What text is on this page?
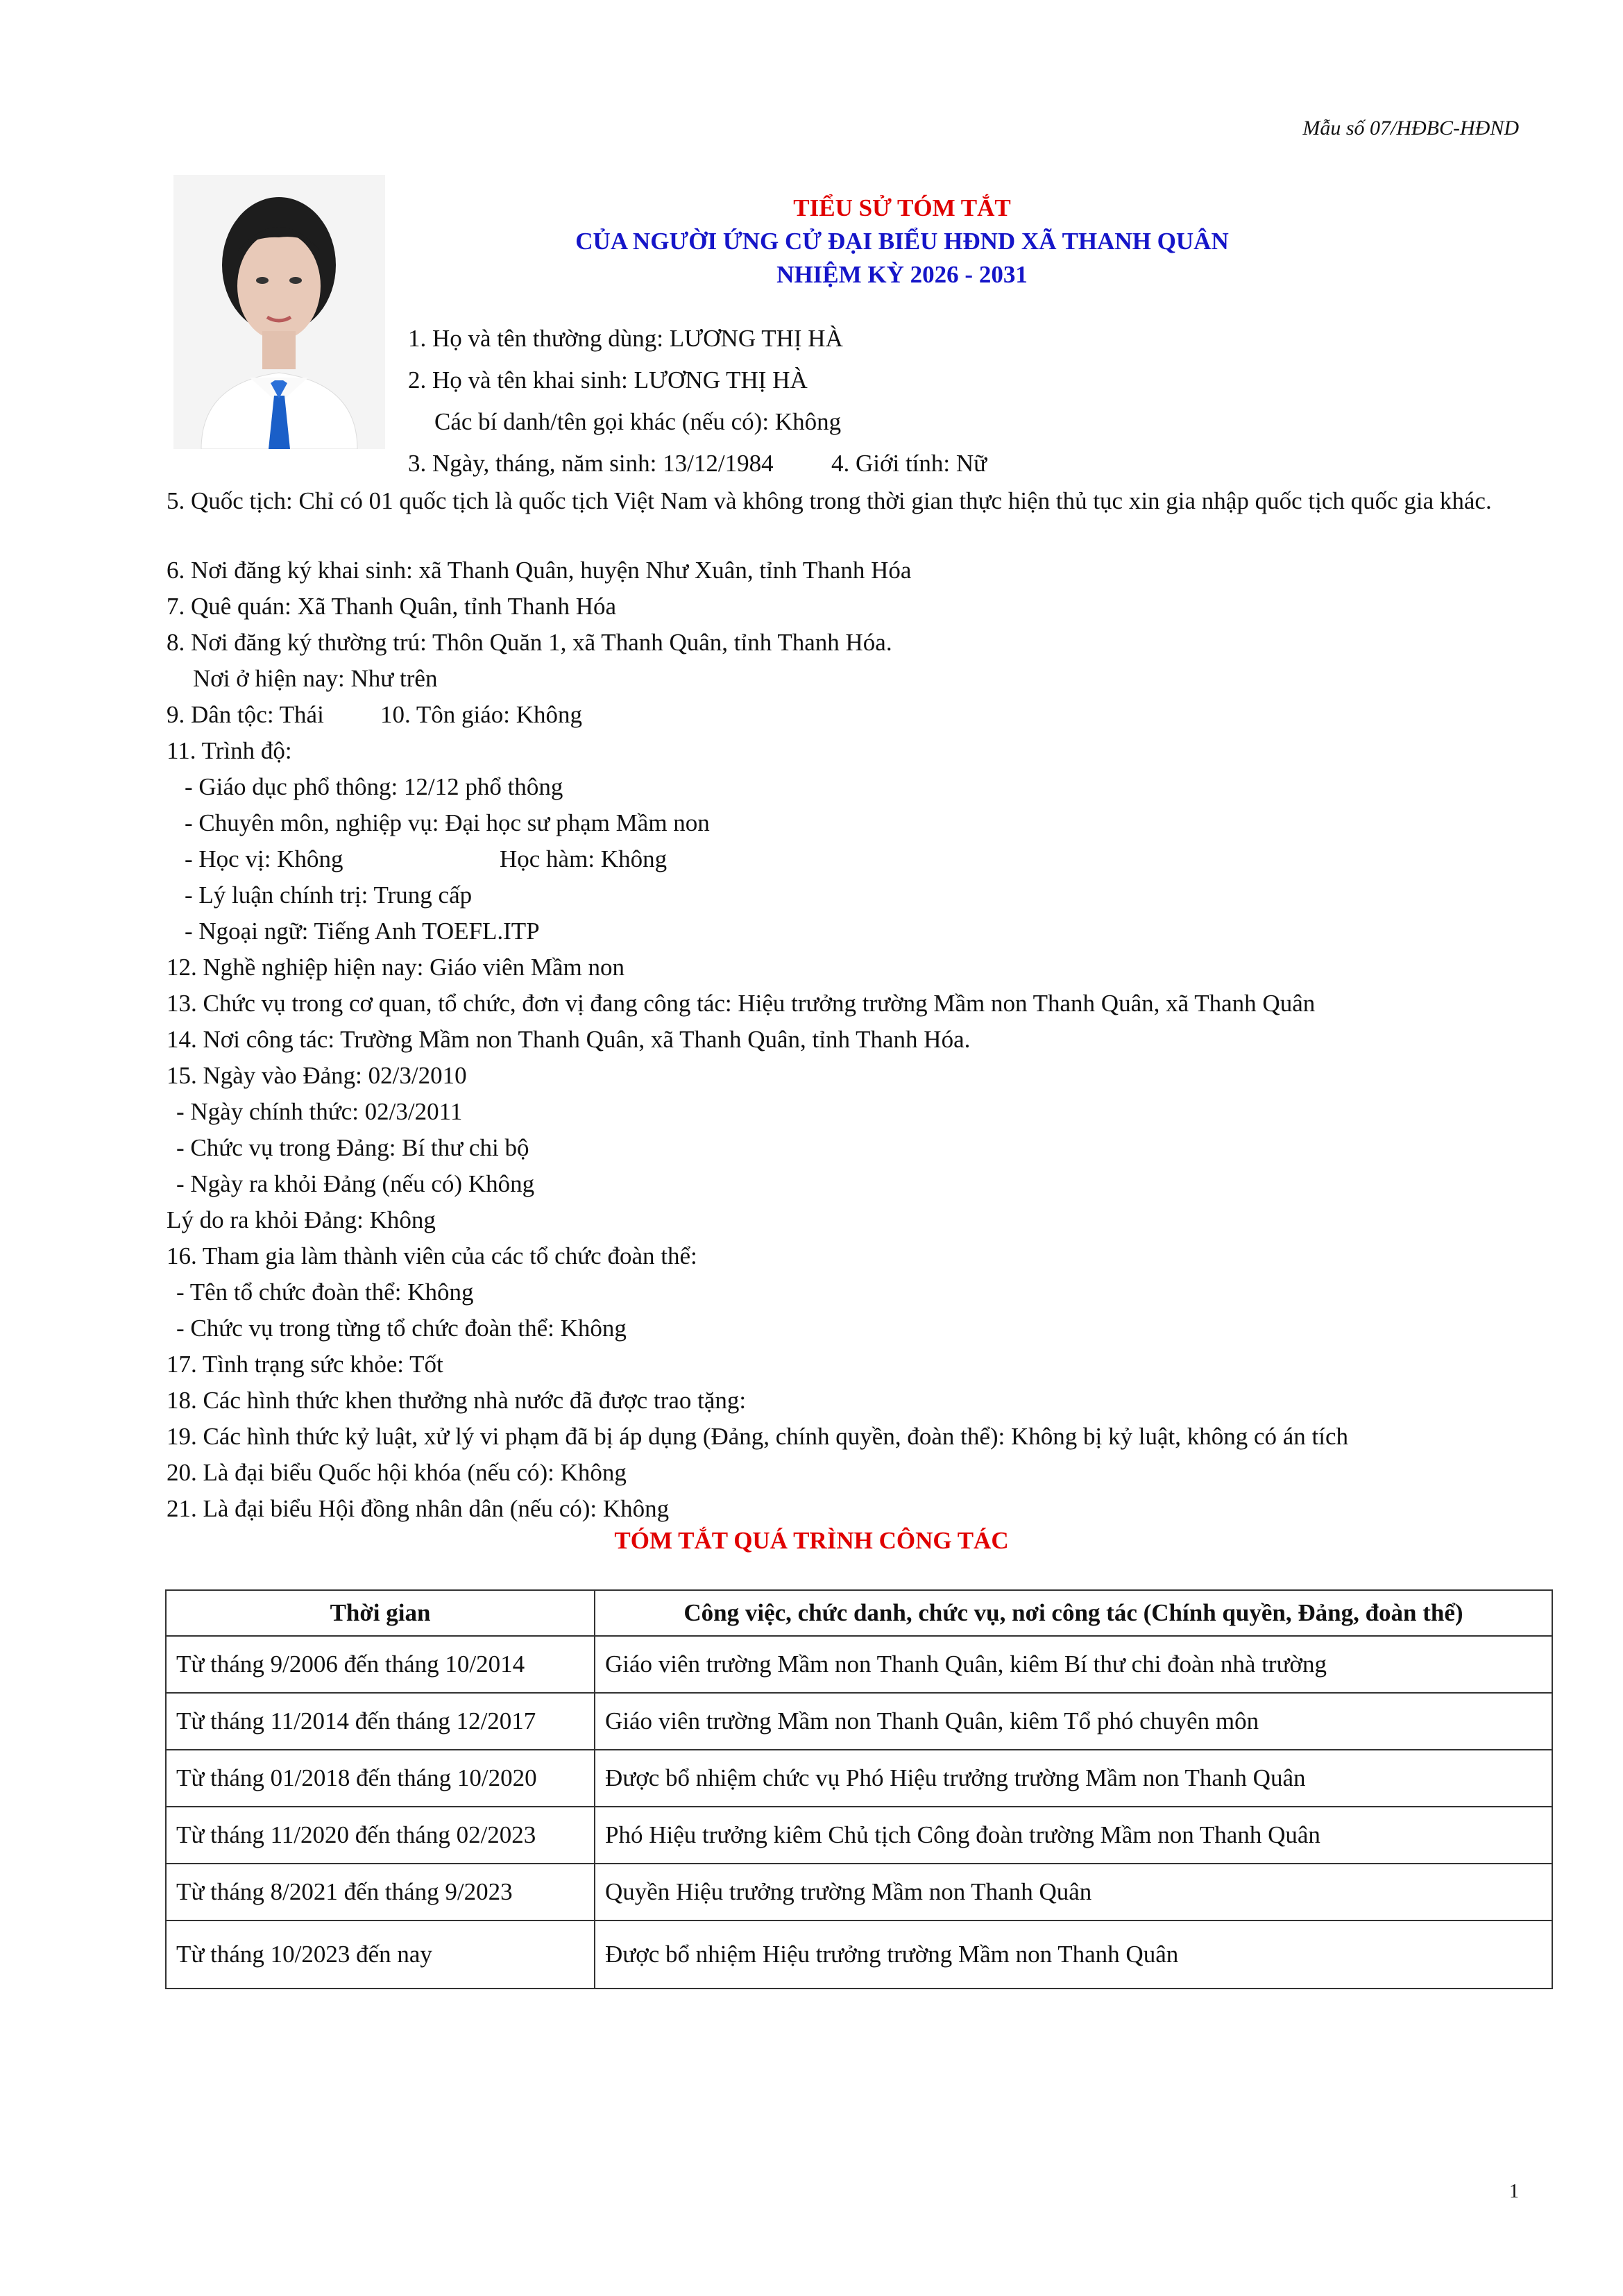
Mẫu số 07/HĐBC-HĐND
TIỂU SỬ TÓM TẮT
CỦA NGƯỜI ỨNG CỬ ĐẠI BIỂU HĐND XÃ THANH QUÂN
NHIỆM KỲ 2026 - 2031
1. Họ và tên thường dùng: LƯƠNG THỊ HÀ
2. Họ và tên khai sinh: LƯƠNG THỊ HÀ
Các bí danh/tên gọi khác (nếu có): Không
3. Ngày, tháng, năm sinh: 13/12/1984 4. Giới tính: Nữ
5. Quốc tịch: Chỉ có 01 quốc tịch là quốc tịch Việt Nam và không trong thời gian thực hiện thủ tục xin gia nhập quốc tịch quốc gia khác.
6. Nơi đăng ký khai sinh: xã Thanh Quân, huyện Như Xuân, tỉnh Thanh Hóa
7. Quê quán: Xã Thanh Quân, tỉnh Thanh Hóa
8. Nơi đăng ký thường trú: Thôn Quăn 1, xã Thanh Quân, tỉnh Thanh Hóa.
Nơi ở hiện nay: Như trên
9. Dân tộc: Thái 10. Tôn giáo: Không
11. Trình độ:
- Giáo dục phổ thông: 12/12 phổ thông
- Chuyên môn, nghiệp vụ: Đại học sư phạm Mầm non
- Học vị: Không	Học hàm: Không
- Lý luận chính trị: Trung cấp
- Ngoại ngữ: Tiếng Anh TOEFL.ITP
12. Nghề nghiệp hiện nay: Giáo viên Mầm non
13. Chức vụ trong cơ quan, tổ chức, đơn vị đang công tác: Hiệu trưởng trường Mầm non Thanh Quân, xã Thanh Quân
14. Nơi công tác: Trường Mầm non Thanh Quân, xã Thanh Quân, tỉnh Thanh Hóa.
15. Ngày vào Đảng: 02/3/2010
- Ngày chính thức: 02/3/2011
- Chức vụ trong Đảng: Bí thư chi bộ
- Ngày ra khỏi Đảng (nếu có) Không
Lý do ra khỏi Đảng: Không
16. Tham gia làm thành viên của các tổ chức đoàn thể:
- Tên tổ chức đoàn thể: Không
- Chức vụ trong từng tổ chức đoàn thể: Không
17. Tình trạng sức khỏe: Tốt
18. Các hình thức khen thưởng nhà nước đã được trao tặng:
19. Các hình thức kỷ luật, xử lý vi phạm đã bị áp dụng (Đảng, chính quyền, đoàn thể): Không bị kỷ luật, không có án tích
20. Là đại biểu Quốc hội khóa (nếu có): Không
21. Là đại biểu Hội đồng nhân dân (nếu có): Không
TÓM TẮT QUÁ TRÌNH CÔNG TÁC
Thời gian	Công việc, chức danh, chức vụ, nơi công tác (Chính quyền, Đảng, đoàn thể)
Từ tháng 9/2006 đến tháng 10/2014	Giáo viên trường Mầm non Thanh Quân, kiêm Bí thư chi đoàn nhà trường
Từ tháng 11/2014 đến tháng 12/2017	Giáo viên trường Mầm non Thanh Quân, kiêm Tổ phó chuyên môn
Từ tháng 01/2018 đến tháng 10/2020	Được bổ nhiệm chức vụ Phó Hiệu trưởng trường Mầm non Thanh Quân
Từ tháng 11/2020 đến tháng 02/2023	Phó Hiệu trưởng kiêm Chủ tịch Công đoàn trường Mầm non Thanh Quân
Từ tháng 8/2021 đến tháng 9/2023	Quyền Hiệu trưởng trường Mầm non Thanh Quân
Từ tháng 10/2023 đến nay	Được bổ nhiệm Hiệu trưởng trường Mầm non Thanh Quân
1
